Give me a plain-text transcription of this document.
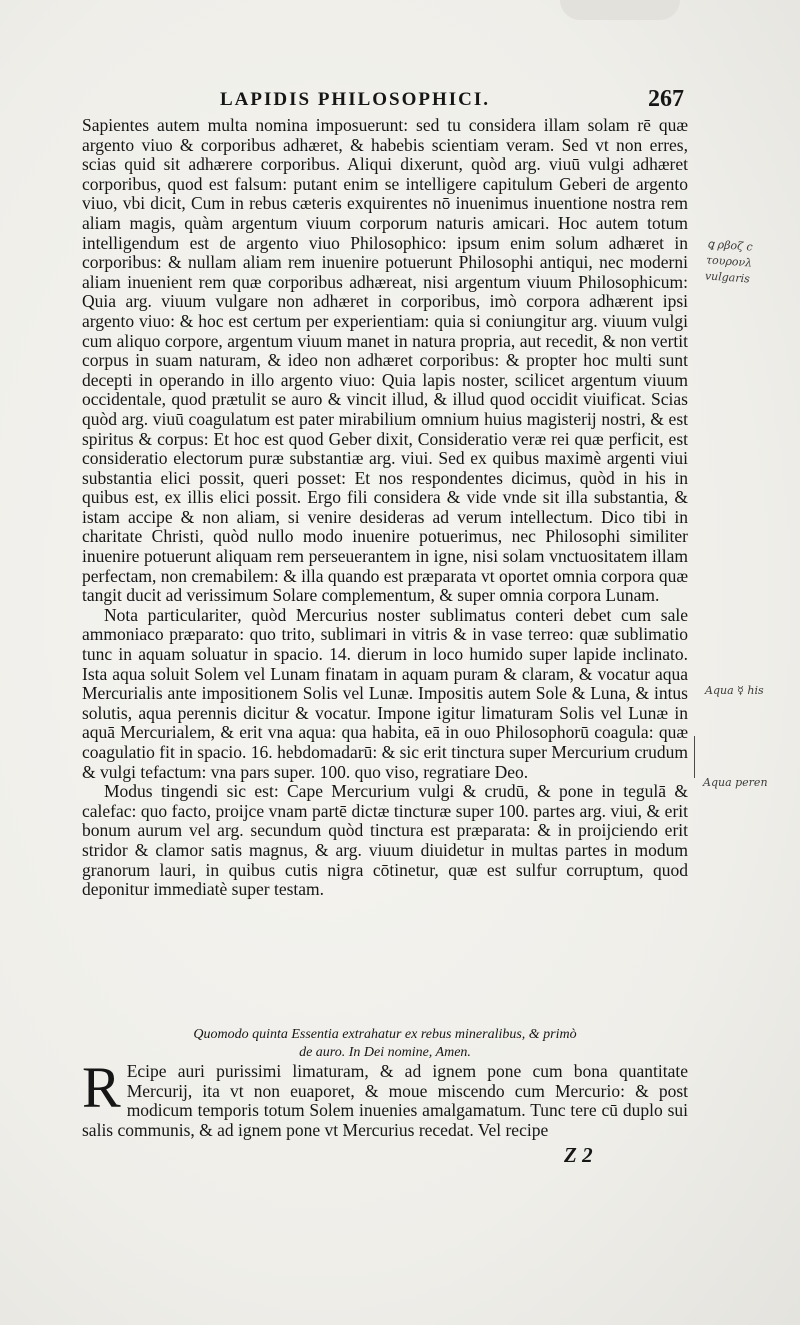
LAPIDIS PHILOSOPHICI.	267

Sapientes autem multa nomina imposuerunt: sed tu considera illam solam rē quæ argento viuo & corporibus adhæret, & habebis scientiam veram. Sed vt non erres, scias quid sit adhærere corporibus. Aliqui dixerunt, quòd arg. viuū vulgi adhæret corporibus, quod est falsum: putant enim se intelligere capitulum Geberi de argento viuo, vbi dicit, Cum in rebus cæteris exquirentes nō inuenimus inuentione nostra rem aliam magis, quàm argentum viuum corporum naturis amicari. Hoc autem totum intelligendum est de argento viuo Philosophico: ipsum enim solum adhæret in corporibus: & nullam aliam rem inuenire potuerunt Philosophi antiqui, nec moderni aliam inuenient rem quæ corporibus adhæreat, nisi argentum viuum Philosophicum: Quia arg. viuum vulgare non adhæret in corporibus, imò corpora adhærent ipsi argento viuo: & hoc est certum per experientiam: quia si coniungitur arg. viuum vulgi cum aliquo corpore, argentum viuum manet in natura propria, aut recedit, & non vertit corpus in suam naturam, & ideo non adhæret corporibus: & propter hoc multi sunt decepti in operando in illo argento viuo: Quia lapis noster, scilicet argentum viuum occidentale, quod prætulit se auro & vincit illud, & illud quod occidit viuificat. Scias quòd arg. viuū coagulatum est pater mirabilium omnium huius magisterij nostri, & est spiritus & corpus: Et hoc est quod Geber dixit, Consideratio veræ rei quæ perficit, est consideratio electorum puræ substantiæ arg. viui. Sed ex quibus maximè argenti viui substantia elici possit, queri posset: Et nos respondentes dicimus, quòd in his in quibus est, ex illis elici possit. Ergo fili considera & vide vnde sit illa substantia, & istam accipe & non aliam, si venire desideras ad verum intellectum. Dico tibi in charitate Christi, quòd nullo modo inuenire potuerimus, nec Philosophi similiter inuenire potuerunt aliquam rem perseuerantem in igne, nisi solam vnctuositatem illam perfectam, non cremabilem: & illa quando est præparata vt oportet omnia corpora quæ tangit ducit ad verissimum Solare complementum, & super omnia corpora Lunam.

Nota particulariter, quòd Mercurius noster sublimatus conteri debet cum sale ammoniaco præparato: quo trito, sublimari in vitris & in vase terreo: quæ sublimatio tunc in aquam soluatur in spacio. 14. dierum in loco humido super lapide inclinato. Ista aqua soluit Solem vel Lunam finatam in aquam puram & claram, & vocatur aqua Mercurialis ante impositionem Solis vel Lunæ. Impositis autem Sole & Luna, & intus solutis, aqua perennis dicitur & vocatur. Impone igitur limaturam Solis vel Lunæ in aquā Mercurialem, & erit vna aqua: qua habita, eā in ouo Philosophorū coagula: quæ coagulatio fit in spacio. 16. hebdomadarū: & sic erit tinctura super Mercurium crudum & vulgi tefactum: vna pars super. 100. quo viso, regratiare Deo.

Modus tingendi sic est: Cape Mercurium vulgi & crudū, & pone in tegulā & calefac: quo facto, proijce vnam partē dictæ tincturæ super 100. partes arg. viui, & erit bonum aurum vel arg. secundum quòd tinctura est præparata: & in proijciendo erit stridor & clamor satis magnus, & arg. viuum diuidetur in multas partes in modum granorum lauri, in quibus cutis nigra cōtinetur, quæ est sulfur corruptum, quod deponitur immediatè super testam.

Quomodo quinta Essentia extrahatur ex rebus mineralibus, & primò
de auro. In Dei nomine, Amen.
R Ecipe auri purissimi limaturam, & ad ignem pone cum bona quantitate Mercurij, ita vt non euaporet, & moue miscendo cum Mercurio: & post modicum temporis totum Solem inuenies amalgamatum. Tunc tere cū duplo sui salis communis, & ad ignem pone vt Mercurius recedat. Vel recipe
Z 2
ꝗ ρβοζ c
τουρονλ
vulgaris
Aqua ☿ his
Aqua peren
